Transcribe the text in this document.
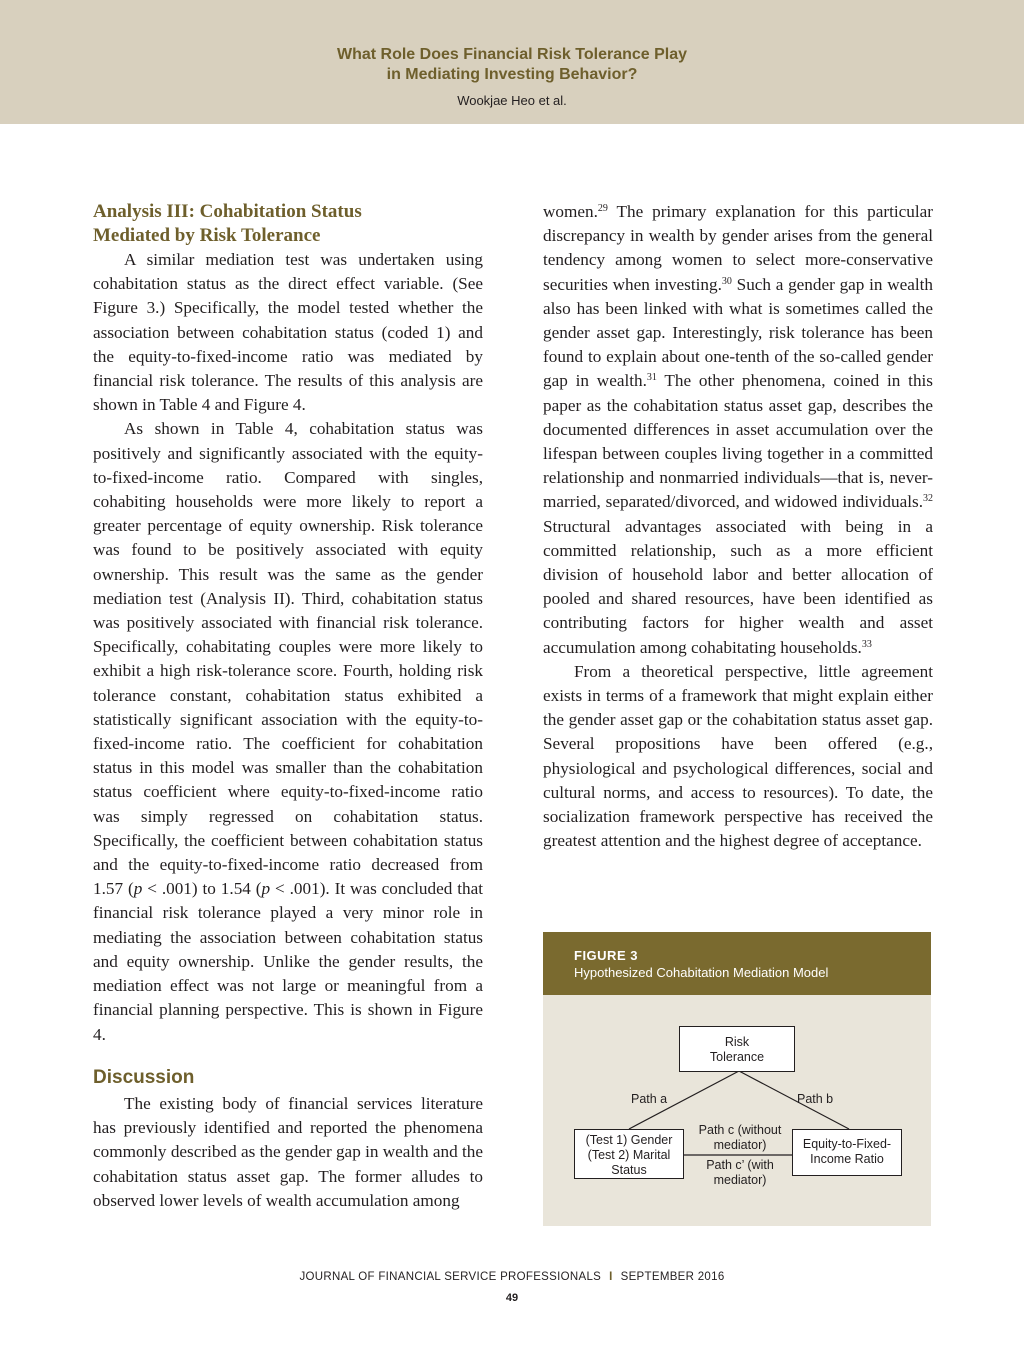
What Role Does Financial Risk Tolerance Play
in Mediating Investing Behavior?
Wookjae Heo et al.
Analysis III: Cohabitation Status
Mediated by Risk Tolerance

A similar mediation test was undertaken using cohabitation status as the direct effect variable. (See Figure 3.) Specifically, the model tested whether the association between cohabitation status (coded 1) and the equity-to-fixed-income ratio was mediated by financial risk tolerance. The results of this analysis are shown in Table 4 and Figure 4.

As shown in Table 4, cohabitation status was positively and significantly associated with the equity-to-fixed-income ratio. Compared with singles, cohabiting households were more likely to report a greater percentage of equity ownership. Risk tolerance was found to be positively associated with equity ownership. This result was the same as the gender mediation test (Analysis II). Third, cohabitation status was positively associated with financial risk tolerance. Specifically, cohabitating couples were more likely to exhibit a high risk-tolerance score. Fourth, holding risk tolerance constant, cohabitation status exhibited a statistically significant association with the equity-to-fixed-income ratio. The coefficient for cohabitation status in this model was smaller than the cohabitation status coefficient where equity-to-fixed-income ratio was simply regressed on cohabitation status. Specifically, the coefficient between cohabitation status and the equity-to-fixed-income ratio decreased from 1.57 (p < .001) to 1.54 (p < .001). It was concluded that financial risk tolerance played a very minor role in mediating the association between cohabitation status and equity ownership. Unlike the gender results, the mediation effect was not large or meaningful from a financial planning perspective. This is shown in Figure 4.

Discussion

The existing body of financial services literature has previously identified and reported the phenomena commonly described as the gender gap in wealth and the cohabitation status asset gap. The former alludes to observed lower levels of wealth accumulation among

women.$^{29}$ The primary explanation for this particular discrepancy in wealth by gender arises from the general tendency among women to select more-conservative securities when investing.$^{30}$ Such a gender gap in wealth also has been linked with what is sometimes called the gender asset gap. Interestingly, risk tolerance has been found to explain about one-tenth of the so-called gender gap in wealth.$^{31}$ The other phenomena, coined in this paper as the cohabitation status asset gap, describes the documented differences in asset accumulation over the lifespan between couples living together in a committed relationship and nonmarried individuals—that is, never-married, separated/divorced, and widowed individuals.$^{32}$ Structural advantages associated with being in a committed relationship, such as a more efficient division of household labor and better allocation of pooled and shared resources, have been identified as contributing factors for higher wealth and asset accumulation among cohabitating households.$^{33}$

From a theoretical perspective, little agreement exists in terms of a framework that might explain either the gender asset gap or the cohabitation status asset gap. Several propositions have been offered (e.g., physiological and psychological differences, social and cultural norms, and access to resources). To date, the socialization framework perspective has received the greatest attention and the highest degree of acceptance.

FIGURE 3
Hypothesized Cohabitation Mediation Model
Risk
Tolerance
(Test 1) Gender
(Test 2) Marital
Status
Equity-to-Fixed-
Income Ratio
Path a	Path b
Path c (without
mediator)
Path c’ (with
mediator)
JOURNAL OF FINANCIAL SERVICE PROFESSIONALS I SEPTEMBER 2016
49
